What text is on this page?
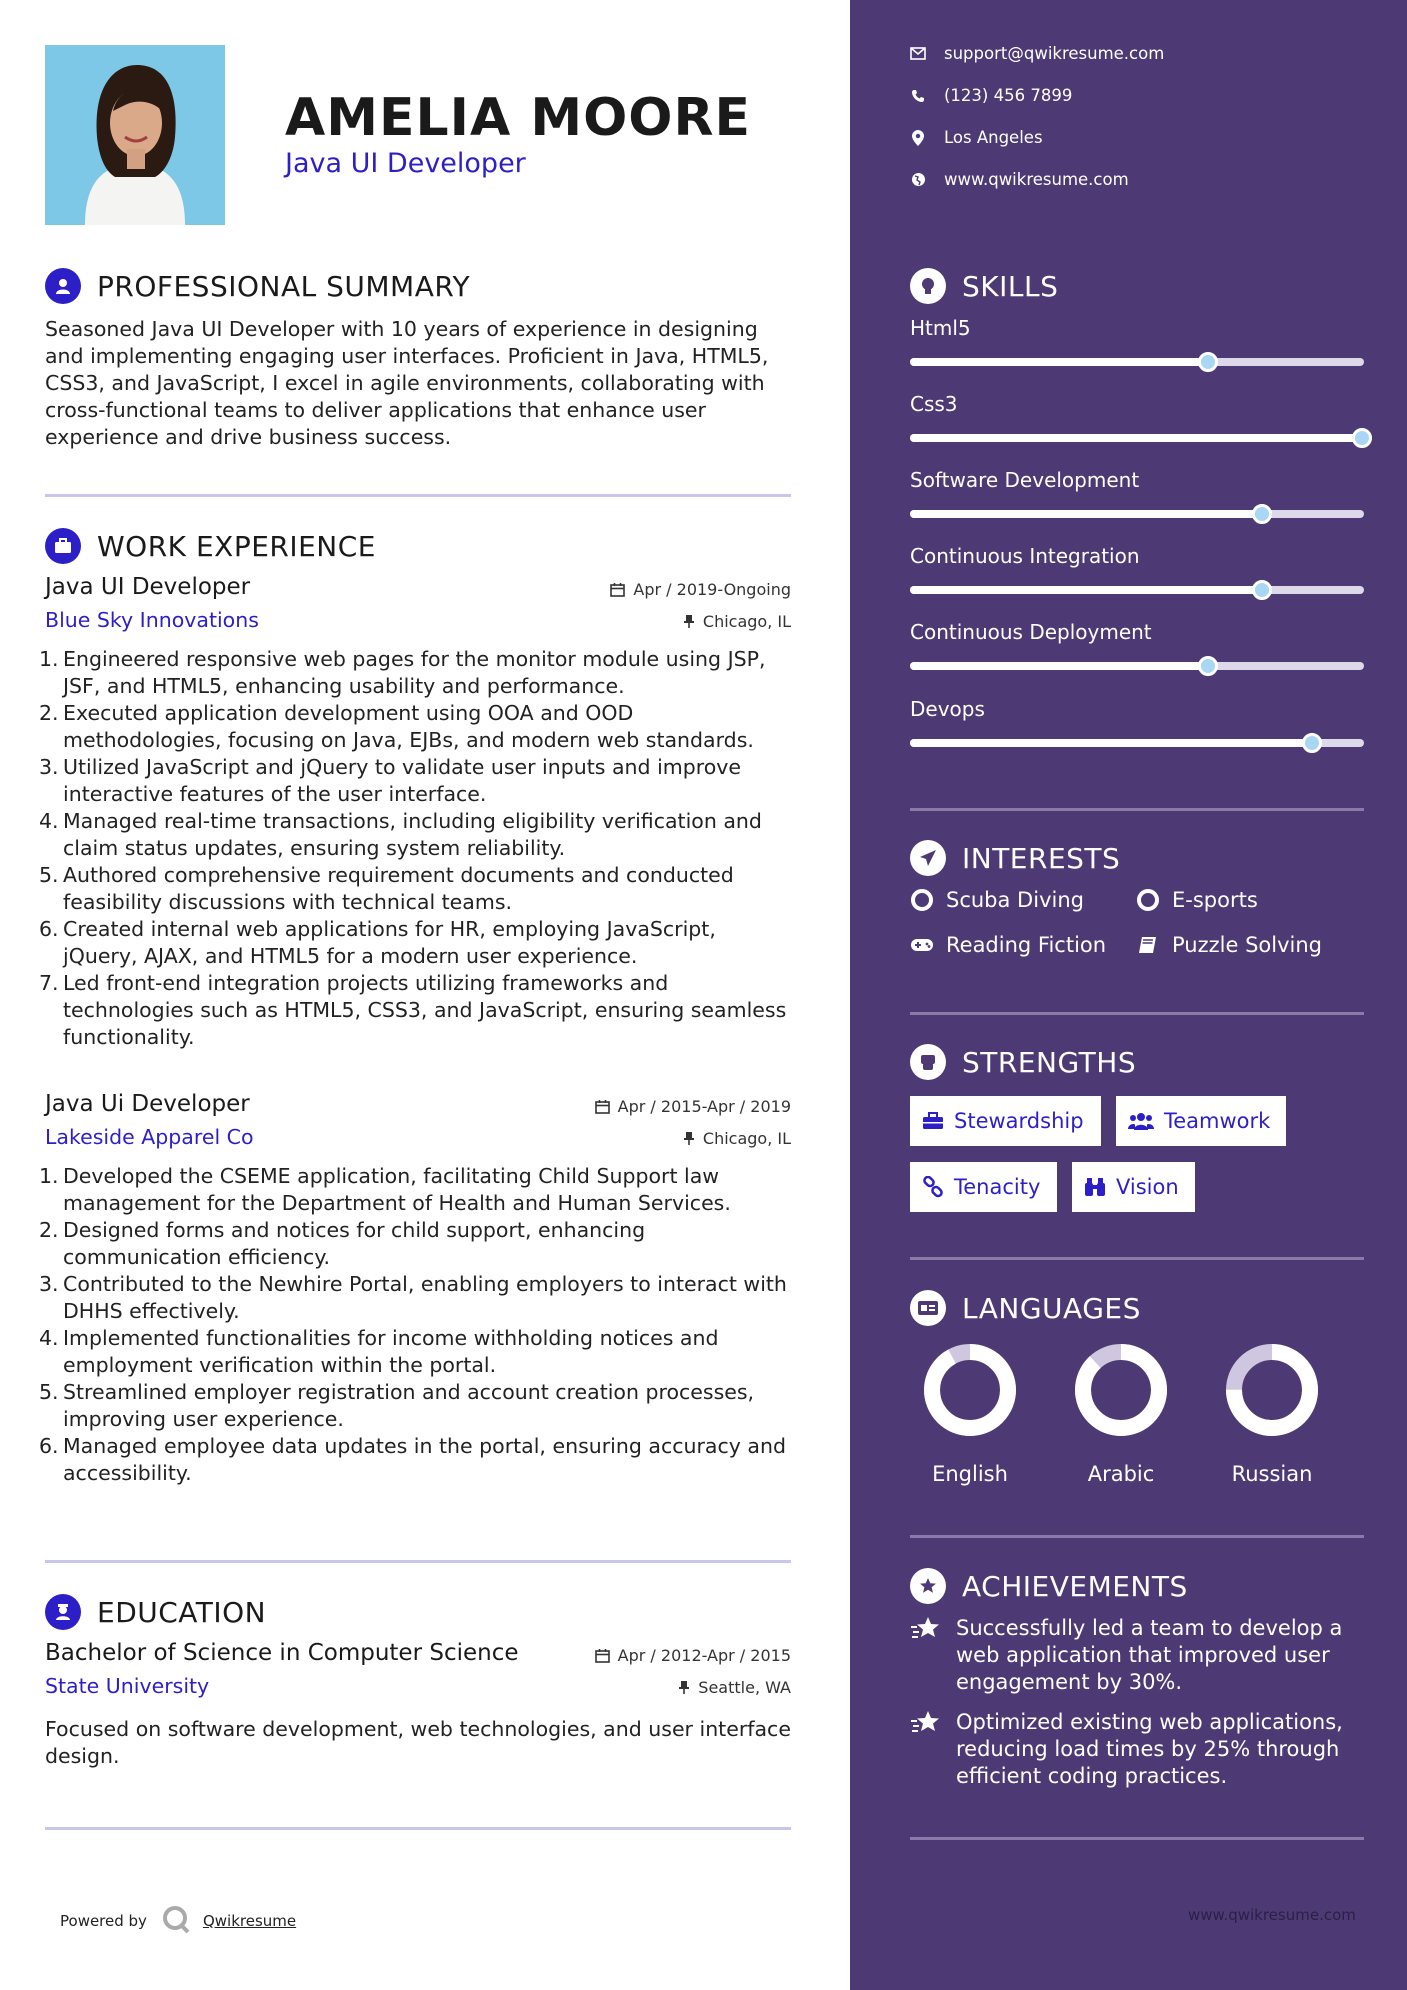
AMELIA MOORE
Java UI Developer
PROFESSIONAL SUMMARY
Seasoned Java UI Developer with 10 years of experience in designing and implementing engaging user interfaces. Proficient in Java, HTML5, CSS3, and JavaScript, I excel in agile environments, collaborating with cross-functional teams to deliver applications that enhance user experience and drive business success.
WORK EXPERIENCE
Java UI Developer
Blue Sky Innovations
Apr / 2019-Ongoing
Chicago, IL
1. Engineered responsive web pages for the monitor module using JSP, JSF, and HTML5, enhancing usability and performance.
2. Executed application development using OOA and OOD methodologies, focusing on Java, EJBs, and modern web standards.
3. Utilized JavaScript and jQuery to validate user inputs and improve interactive features of the user interface.
4. Managed real-time transactions, including eligibility verification and claim status updates, ensuring system reliability.
5. Authored comprehensive requirement documents and conducted feasibility discussions with technical teams.
6. Created internal web applications for HR, employing JavaScript, jQuery, AJAX, and HTML5 for a modern user experience.
7. Led front-end integration projects utilizing frameworks and technologies such as HTML5, CSS3, and JavaScript, ensuring seamless functionality.
Java Ui Developer
Lakeside Apparel Co
Apr / 2015-Apr / 2019
Chicago, IL
1. Developed the CSEME application, facilitating Child Support law management for the Department of Health and Human Services.
2. Designed forms and notices for child support, enhancing communication efficiency.
3. Contributed to the Newhire Portal, enabling employers to interact with DHHS effectively.
4. Implemented functionalities for income withholding notices and employment verification within the portal.
5. Streamlined employer registration and account creation processes, improving user experience.
6. Managed employee data updates in the portal, ensuring accuracy and accessibility.
EDUCATION
Bachelor of Science in Computer Science
State University
Apr / 2012-Apr / 2015
Seattle, WA
Focused on software development, web technologies, and user interface design.
Powered by	Qwikresume
support@qwikresume.com
(123) 456 7899
Los Angeles
www.qwikresume.com
SKILLS
Html5
Css3
Software Development
Continuous Integration
Continuous Deployment
Devops
INTERESTS
Scuba Diving	E-sports
Reading Fiction	Puzzle Solving
STRENGTHS
Stewardship	Teamwork
Tenacity	Vision
LANGUAGES
English	Arabic	Russian
ACHIEVEMENTS
Successfully led a team to develop a web application that improved user engagement by 30%.
Optimized existing web applications, reducing load times by 25% through efficient coding practices.
www.qwikresume.com
